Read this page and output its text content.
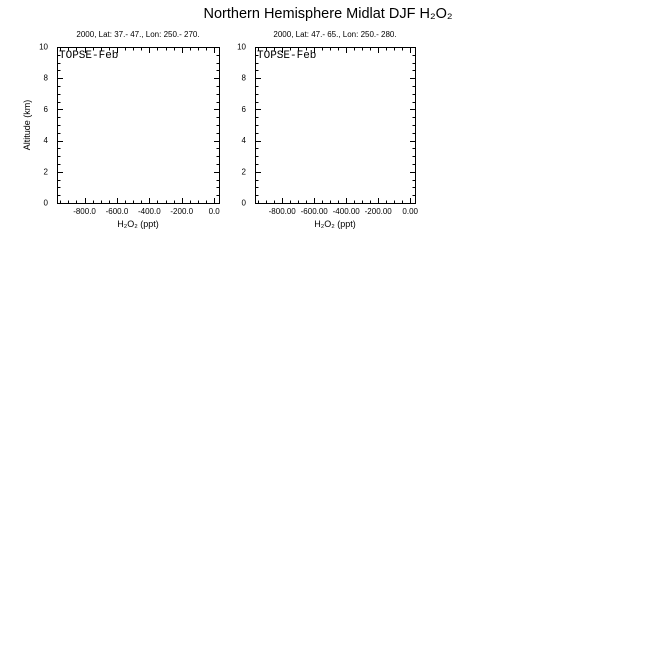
-800.0 -600.0 -400.0 -200.0 0.0
0
2
4
6
8
10
-800.00 -600.00 -400.00 -200.00 0.00
0
2
4
6
8
10
Northern Hemisphere Midlat DJF H₂O₂
2000, Lat: 37.- 47., Lon: 250.- 270.	2000, Lat: 47.- 65., Lon: 250.- 280.
TOPSE-Feb	TOPSE-Feb
Altitude (km)
H₂O₂ (ppt)	H₂O₂ (ppt)
